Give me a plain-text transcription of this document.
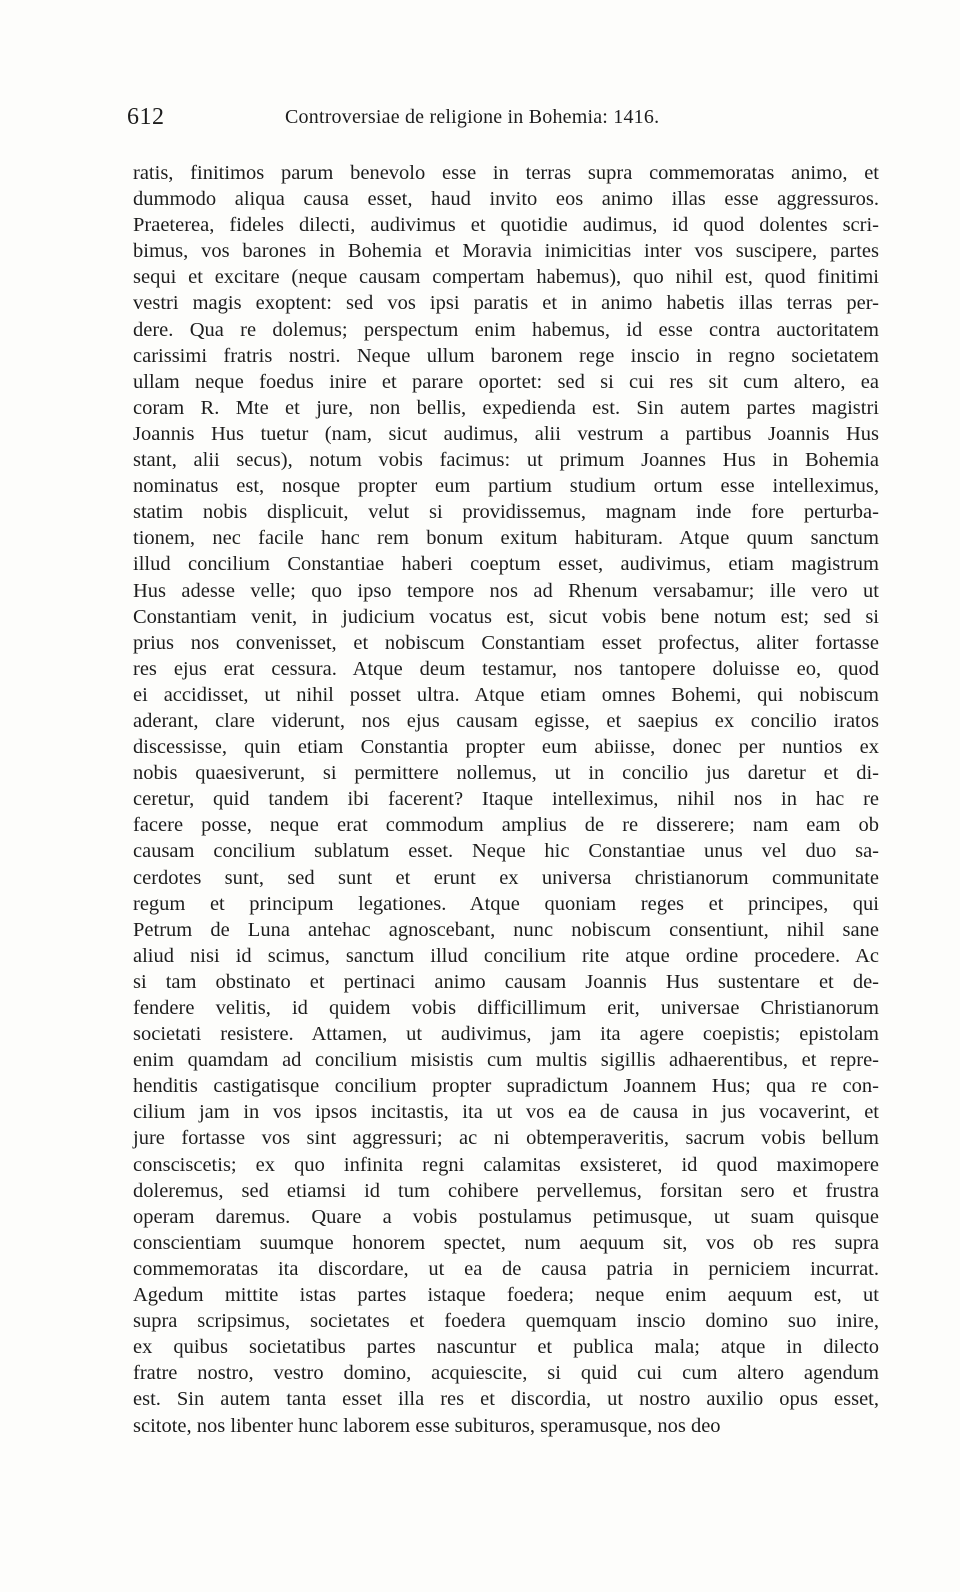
612	Controversiae de religione in Bohemia: 1416.
ratis, finitimos parum benevolo esse in terras supra commemoratas animo, et
dummodo aliqua causa esset, haud invito eos animo illas esse aggressuros.
Praeterea, fideles dilecti, audivimus et quotidie audimus, id quod dolentes scri-
bimus, vos barones in Bohemia et Moravia inimicitias inter vos suscipere, partes
sequi et excitare (neque causam compertam habemus), quo nihil est, quod finitimi
vestri magis exoptent: sed vos ipsi paratis et in animo habetis illas terras per-
dere. Qua re dolemus; perspectum enim habemus, id esse contra auctoritatem
carissimi fratris nostri. Neque ullum baronem rege inscio in regno societatem
ullam neque foedus inire et parare oportet: sed si cui res sit cum altero, ea
coram R. Mte et jure, non bellis, expedienda est. Sin autem partes magistri
Joannis Hus tuetur (nam, sicut audimus, alii vestrum a partibus Joannis Hus
stant, alii secus), notum vobis facimus: ut primum Joannes Hus in Bohemia
nominatus est, nosque propter eum partium studium ortum esse intelleximus,
statim nobis displicuit, velut si providissemus, magnam inde fore perturba-
tionem, nec facile hanc rem bonum exitum habituram. Atque quum sanctum
illud concilium Constantiae haberi coeptum esset, audivimus, etiam magistrum
Hus adesse velle; quo ipso tempore nos ad Rhenum versabamur; ille vero ut
Constantiam venit, in judicium vocatus est, sicut vobis bene notum est; sed si
prius nos convenisset, et nobiscum Constantiam esset profectus, aliter fortasse
res ejus erat cessura. Atque deum testamur, nos tantopere doluisse eo, quod
ei accidisset, ut nihil posset ultra. Atque etiam omnes Bohemi, qui nobiscum
aderant, clare viderunt, nos ejus causam egisse, et saepius ex concilio iratos
discessisse, quin etiam Constantia propter eum abiisse, donec per nuntios ex
nobis quaesiverunt, si permittere nollemus, ut in concilio jus daretur et di-
ceretur, quid tandem ibi facerent? Itaque intelleximus, nihil nos in hac re
facere posse, neque erat commodum amplius de re disserere; nam eam ob
causam concilium sublatum esset. Neque hic Constantiae unus vel duo sa-
cerdotes sunt, sed sunt et erunt ex universa christianorum communitate
regum et principum legationes. Atque quoniam reges et principes, qui
Petrum de Luna antehac agnoscebant, nunc nobiscum consentiunt, nihil sane
aliud nisi id scimus, sanctum illud concilium rite atque ordine procedere. Ac
si tam obstinato et pertinaci animo causam Joannis Hus sustentare et de-
fendere velitis, id quidem vobis difficillimum erit, universae Christianorum
societati resistere. Attamen, ut audivimus, jam ita agere coepistis; epistolam
enim quamdam ad concilium misistis cum multis sigillis adhaerentibus, et repre-
henditis castigatisque concilium propter supradictum Joannem Hus; qua re con-
cilium jam in vos ipsos incitastis, ita ut vos ea de causa in jus vocaverint, et
jure fortasse vos sint aggressuri; ac ni obtemperaveritis, sacrum vobis bellum
consciscetis; ex quo infinita regni calamitas exsisteret, id quod maximopere
doleremus, sed etiamsi id tum cohibere pervellemus, forsitan sero et frustra
operam daremus. Quare a vobis postulamus petimusque, ut suam quisque
conscientiam suumque honorem spectet, num aequum sit, vos ob res supra
commemoratas ita discordare, ut ea de causa patria in perniciem incurrat.
Agedum mittite istas partes istaque foedera; neque enim aequum est, ut
supra scripsimus, societates et foedera quemquam inscio domino suo inire,
ex quibus societatibus partes nascuntur et publica mala; atque in dilecto
fratre nostro, vestro domino, acquiescite, si quid cui cum altero agendum
est. Sin autem tanta esset illa res et discordia, ut nostro auxilio opus esset,
scitote, nos libenter hunc laborem esse subituros, speramusque, nos deo
